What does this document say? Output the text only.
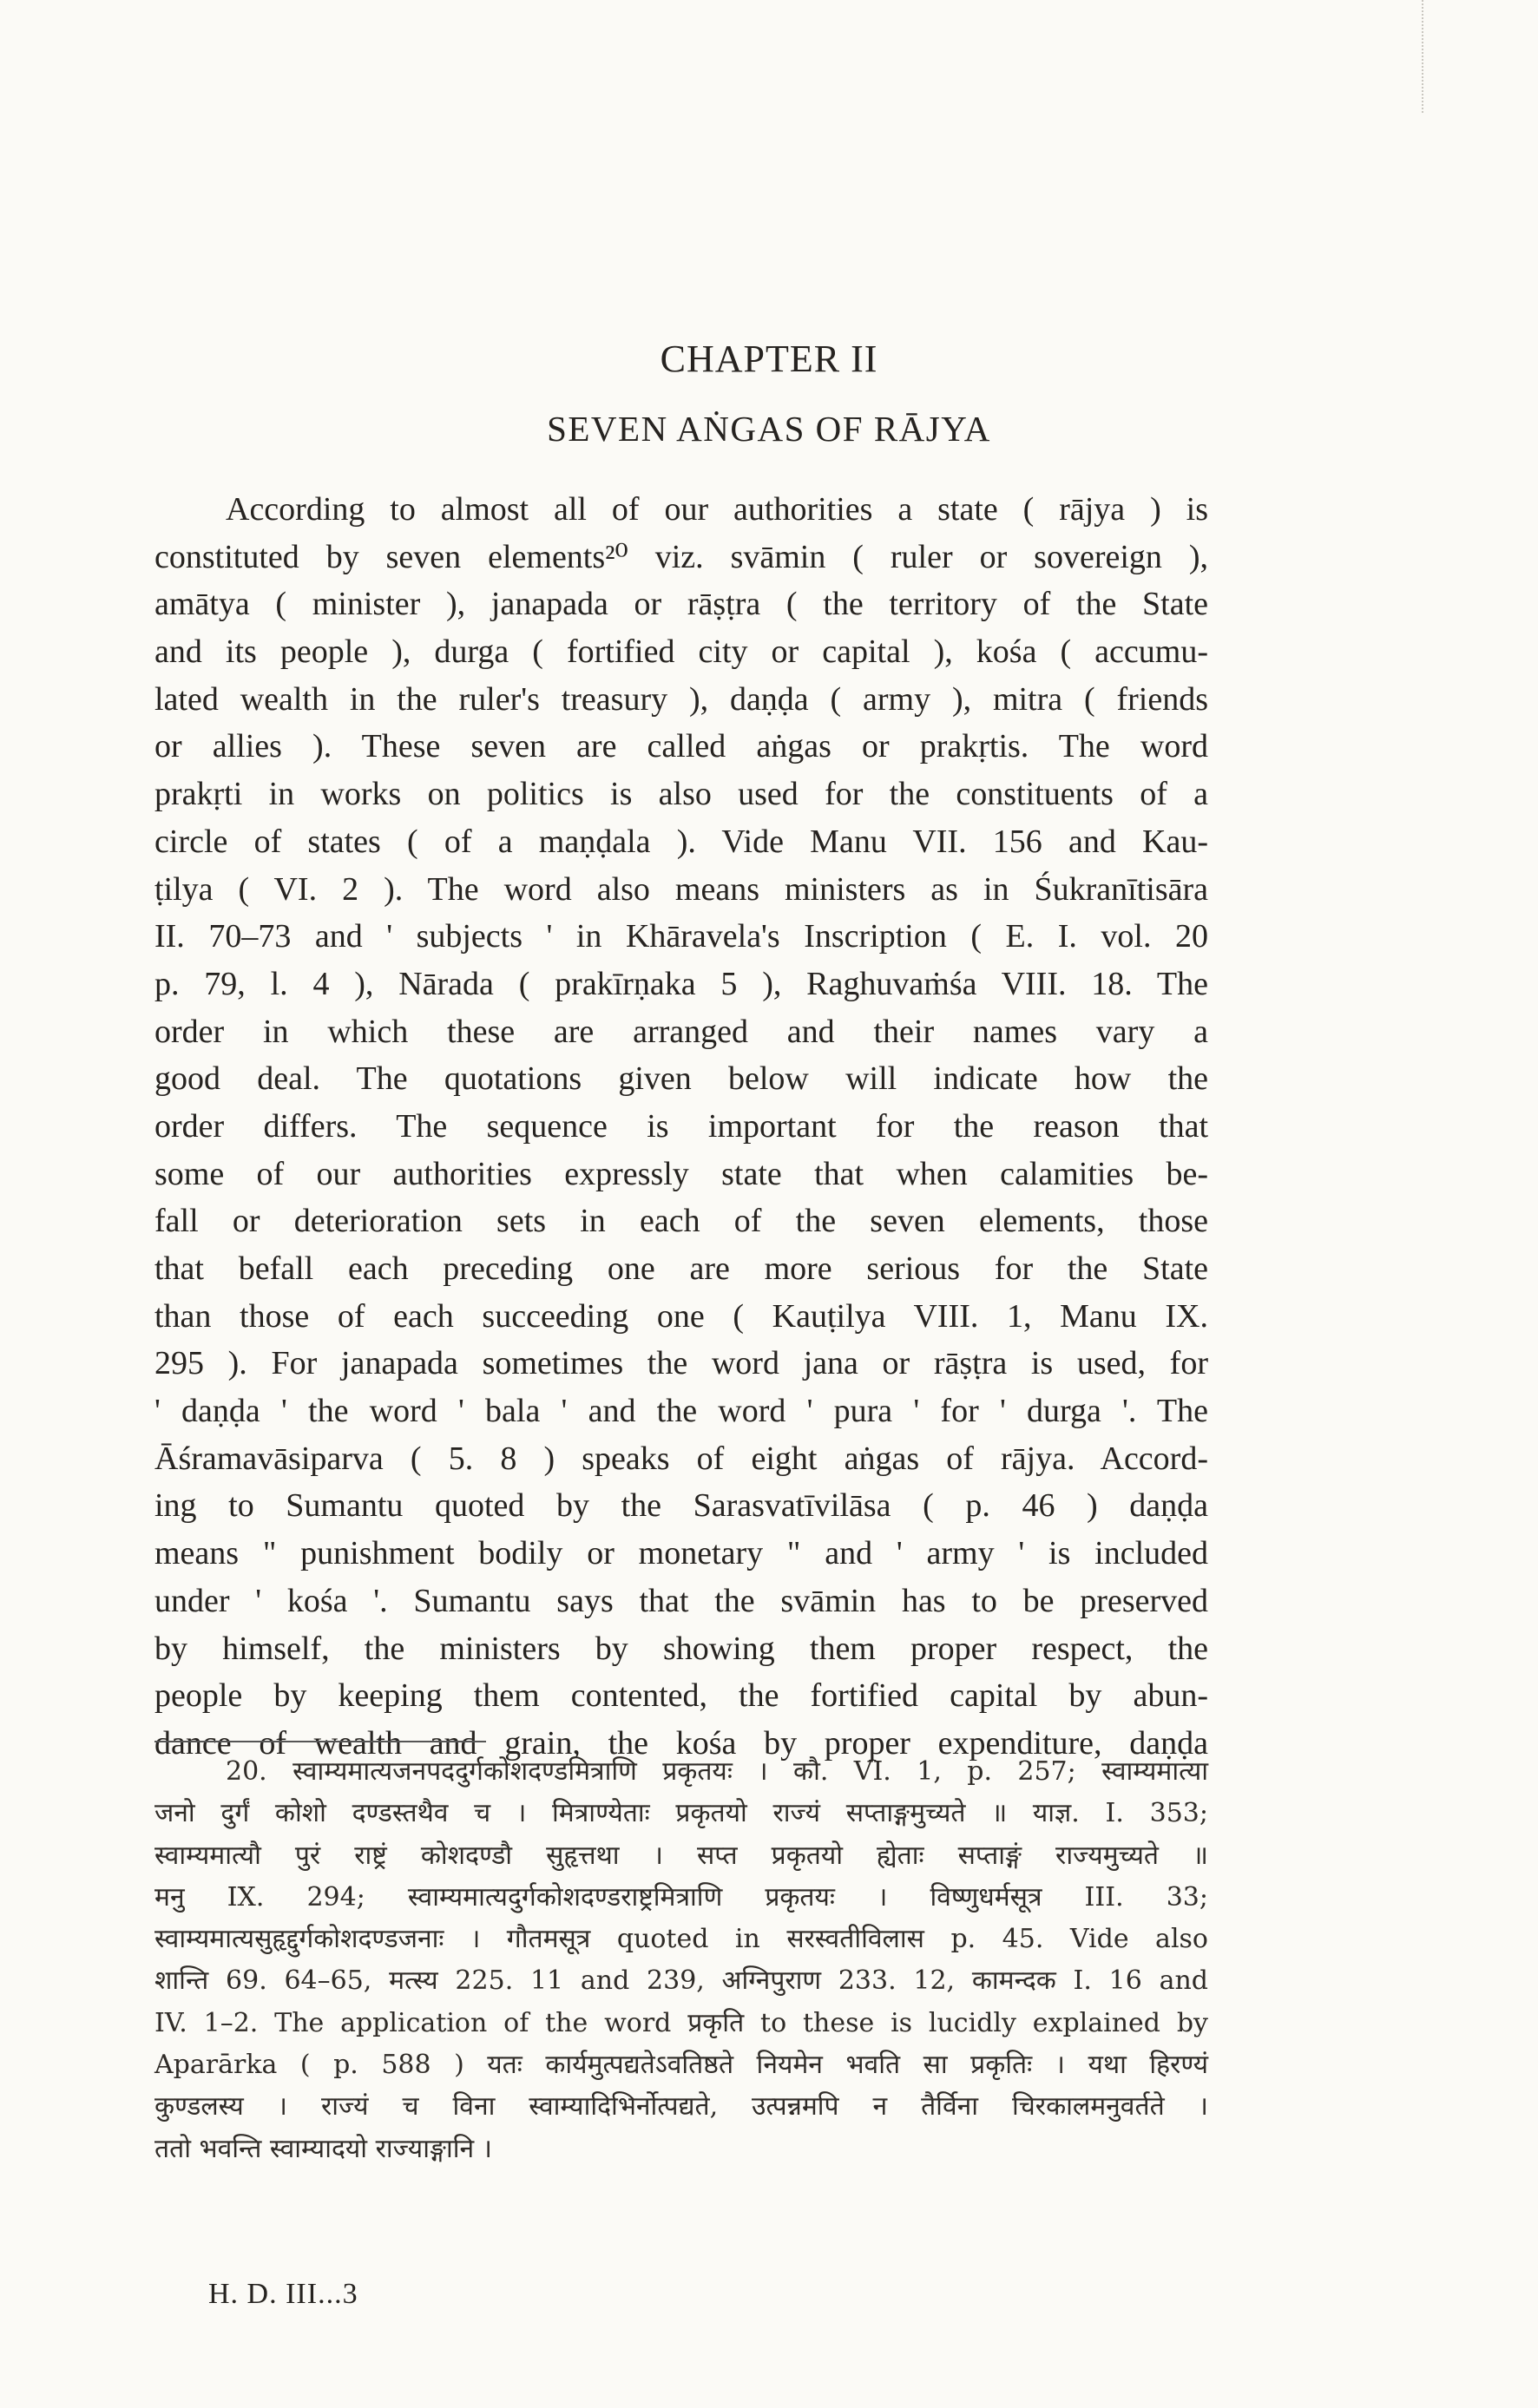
CHAPTER II
SEVEN AṄGAS OF RĀJYA
According to almost all of our authorities a state ( rājya ) is
constituted by seven elements²⁰ viz. svāmin ( ruler or sovereign ),
amātya ( minister ), janapada or rāṣṭra ( the territory of the State
and its people ), durga ( fortified city or capital ), kośa ( accumu-
lated wealth in the ruler's treasury ), daṇḍa ( army ), mitra ( friends
or allies ). These seven are called aṅgas or prakṛtis. The word
prakṛti in works on politics is also used for the constituents of a
circle of states ( of a maṇḍala ). Vide Manu VII. 156 and Kau-
ṭilya ( VI. 2 ). The word also means ministers as in Śukranītisāra
II. 70–73 and ' subjects ' in Khāravela's Inscription ( E. I. vol. 20
p. 79, l. 4 ), Nārada ( prakīrṇaka 5 ), Raghuvaṁśa VIII. 18. The
order in which these are arranged and their names vary a
good deal. The quotations given below will indicate how the
order differs. The sequence is important for the reason that
some of our authorities expressly state that when calamities be-
fall or deterioration sets in each of the seven elements, those
that befall each preceding one are more serious for the State
than those of each succeeding one ( Kauṭilya VIII. 1, Manu IX.
295 ). For janapada sometimes the word jana or rāṣṭra is used, for
' daṇḍa ' the word ' bala ' and the word ' pura ' for ' durga '. The
Āśramavāsiparva ( 5. 8 ) speaks of eight aṅgas of rājya. Accord-
ing to Sumantu quoted by the Sarasvatīvilāsa ( p. 46 ) daṇḍa
means " punishment bodily or monetary " and ' army ' is included
under ' kośa '. Sumantu says that the svāmin has to be preserved
by himself, the ministers by showing them proper respect, the
people by keeping them contented, the fortified capital by abun-
dance of wealth and grain, the kośa by proper expenditure, daṇḍa
20. स्वाम्यमात्यजनपददुर्गकोशदण्डमित्राणि प्रकृतयः । कौ. VI. 1, p. 257; स्वाम्यमात्या
जनो दुर्गं कोशो दण्डस्तथैव च । मित्राण्येताः प्रकृतयो राज्यं सप्ताङ्गमुच्यते ॥ याज्ञ. I. 353;
स्वाम्यमात्यौ पुरं राष्ट्रं कोशदण्डौ सुहृत्तथा । सप्त प्रकृतयो ह्येताः सप्ताङ्गं राज्यमुच्यते ॥
मनु IX. 294; स्वाम्यमात्यदुर्गकोशदण्डराष्ट्रमित्राणि प्रकृतयः । विष्णुधर्मसूत्र III. 33;
स्वाम्यमात्यसुहृद्दुर्गकोशदण्डजनाः । गौतमसूत्र quoted in सरस्वतीविलास p. 45. Vide also
शान्ति 69. 64–65, मत्स्य 225. 11 and 239, अग्निपुराण 233. 12, कामन्दक I. 16 and
IV. 1–2. The application of the word प्रकृति to these is lucidly explained by
Aparārka ( p. 588 ) यतः कार्यमुत्पद्यतेऽवतिष्ठते नियमेन भवति सा प्रकृतिः । यथा हिरण्यं
कुण्डलस्य । राज्यं च विना स्वाम्यादिभिर्नोत्पद्यते, उत्पन्नमपि न तैर्विना चिरकालमनुवर्तते ।
ततो भवन्ति स्वाम्यादयो राज्याङ्गानि ।
H. D. III...3
